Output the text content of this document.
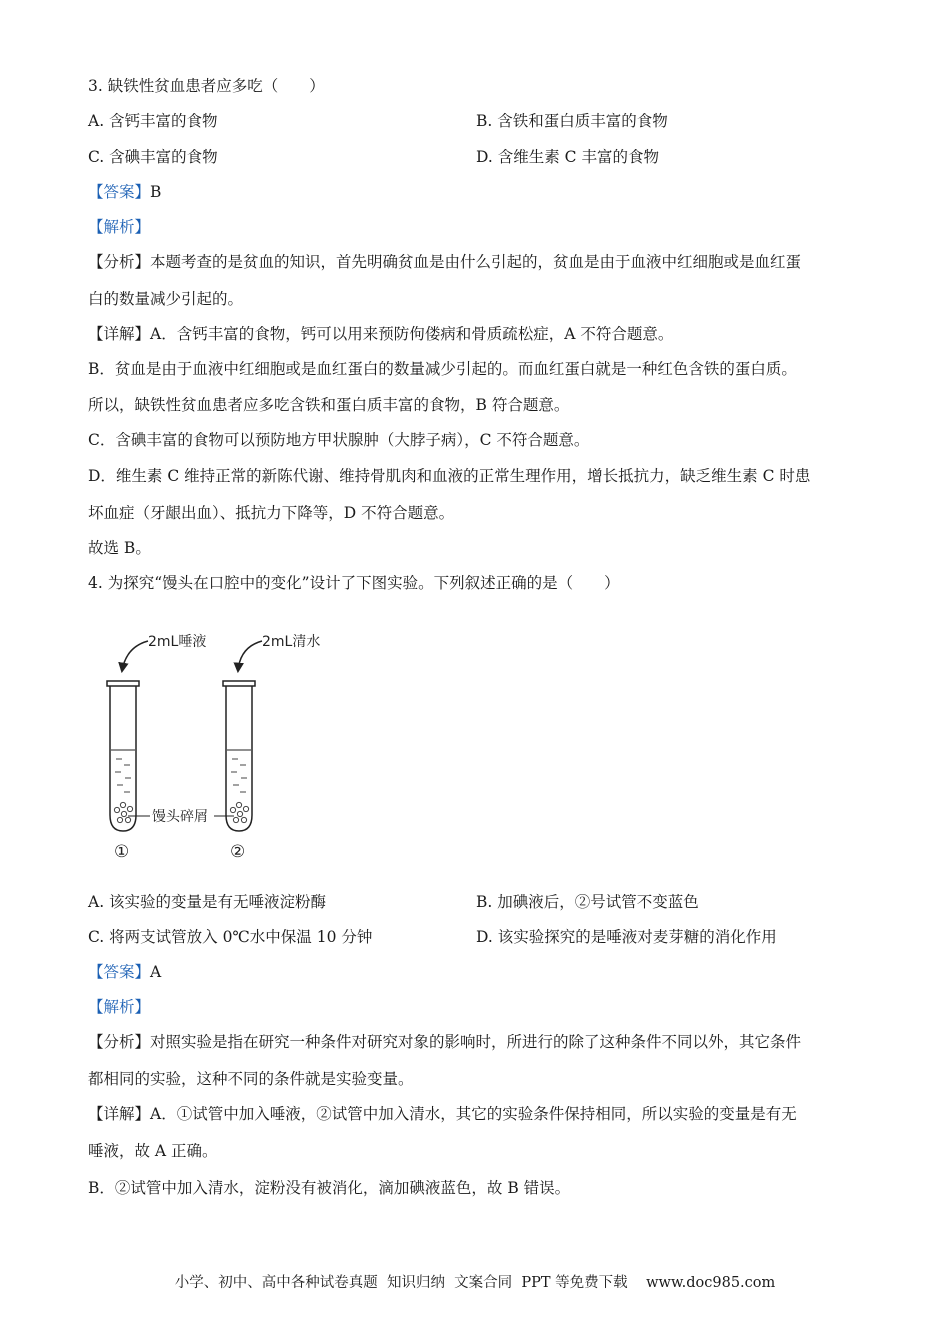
3. 缺铁性贫血患者应多吃（　　）
A. 含钙丰富的食物	B. 含铁和蛋白质丰富的食物
C. 含碘丰富的食物	D. 含维生素 C 丰富的食物
【答案】B
【解析】
【分析】本题考查的是贫血的知识，首先明确贫血是由什么引起的，贫血是由于血液中红细胞或是血红蛋
白的数量减少引起的。
【详解】A．含钙丰富的食物，钙可以用来预防佝偻病和骨质疏松症，A 不符合题意。
B．贫血是由于血液中红细胞或是血红蛋白的数量减少引起的。而血红蛋白就是一种红色含铁的蛋白质。
所以，缺铁性贫血患者应多吃含铁和蛋白质丰富的食物，B 符合题意。
C．含碘丰富的食物可以预防地方甲状腺肿（大脖子病），C 不符合题意。
D．维生素 C 维持正常的新陈代谢、维持骨肌肉和血液的正常生理作用，增长抵抗力，缺乏维生素 C 时患
坏血症（牙龈出血）、抵抗力下降等，D 不符合题意。
故选 B。
4. 为探究“馒头在口腔中的变化”设计了下图实验。下列叙述正确的是（　　）
2mL唾液	2mL清水
馒头碎屑
①	②
A. 该实验的变量是有无唾液淀粉酶	B. 加碘液后，②号试管不变蓝色
C. 将两支试管放入 0℃水中保温 10 分钟	D. 该实验探究的是唾液对麦芽糖的消化作用
【答案】A
【解析】
【分析】对照实验是指在研究一种条件对研究对象的影响时，所进行的除了这种条件不同以外，其它条件
都相同的实验，这种不同的条件就是实验变量。
【详解】A．①试管中加入唾液，②试管中加入清水，其它的实验条件保持相同，所以实验的变量是有无
唾液，故 A 正确。
B．②试管中加入清水，淀粉没有被消化，滴加碘液蓝色，故 B 错误。
小学、初中、高中各种试卷真题  知识归纳  文案合同  PPT 等免费下载 www.doc985.com
